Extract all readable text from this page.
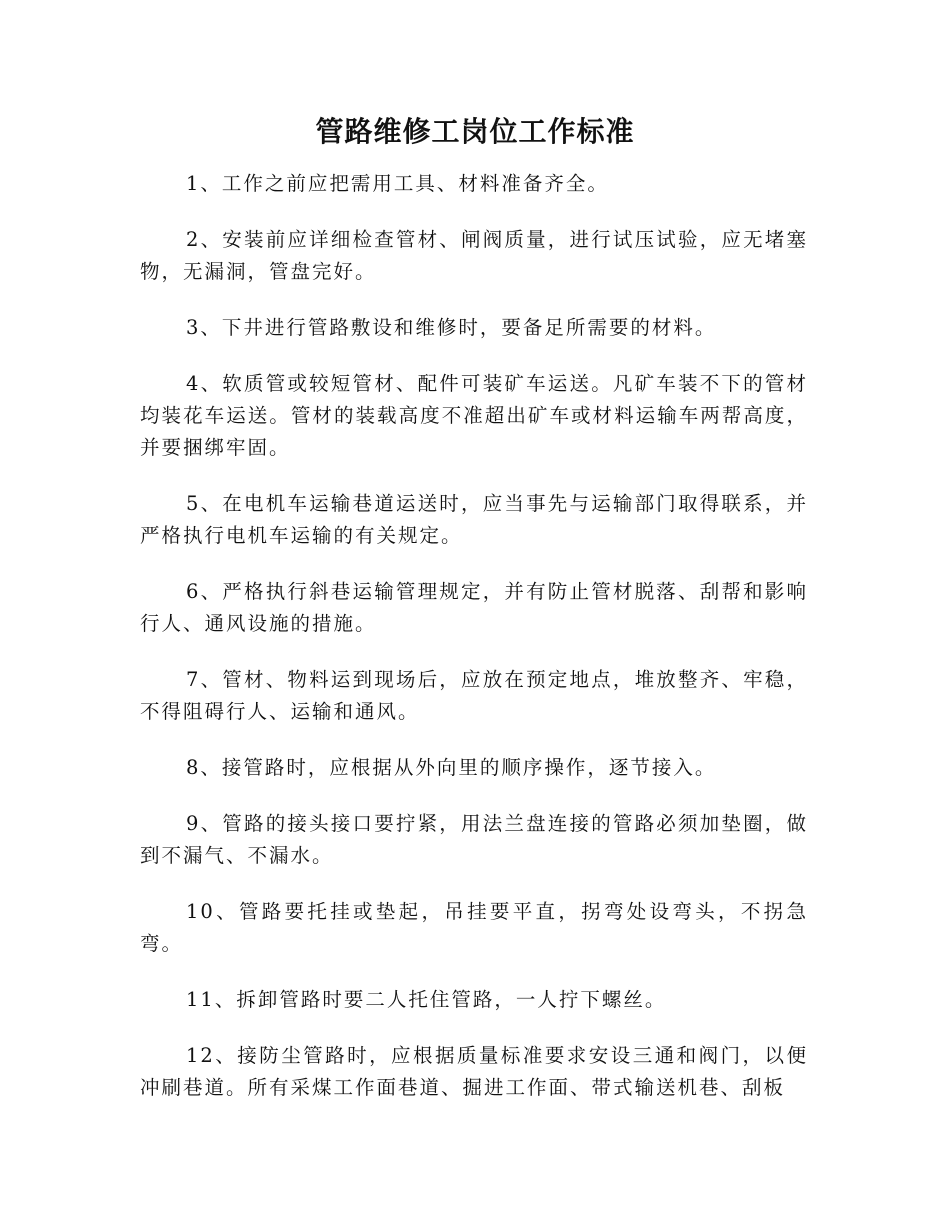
管路维修工岗位工作标准

1、工作之前应把需用工具、材料准备齐全。

2、安装前应详细检查管材、闸阀质量，进行试压试验，应无堵塞物，无漏洞，管盘完好。

3、下井进行管路敷设和维修时，要备足所需要的材料。

4、软质管或较短管材、配件可装矿车运送。凡矿车装不下的管材均装花车运送。管材的装载高度不准超出矿车或材料运输车两帮高度，并要捆绑牢固。

5、在电机车运输巷道运送时，应当事先与运输部门取得联系，并严格执行电机车运输的有关规定。

6、严格执行斜巷运输管理规定，并有防止管材脱落、刮帮和影响行人、通风设施的措施。

7、管材、物料运到现场后，应放在预定地点，堆放整齐、牢稳，不得阻碍行人、运输和通风。

8、接管路时，应根据从外向里的顺序操作，逐节接入。

9、管路的接头接口要拧紧，用法兰盘连接的管路必须加垫圈，做到不漏气、不漏水。

10、管路要托挂或垫起，吊挂要平直，拐弯处设弯头，不拐急弯。

11、拆卸管路时要二人托住管路，一人拧下螺丝。

12、接防尘管路时，应根据质量标准要求安设三通和阀门，以便冲刷巷道。所有采煤工作面巷道、掘进工作面、带式输送机巷、刮板
